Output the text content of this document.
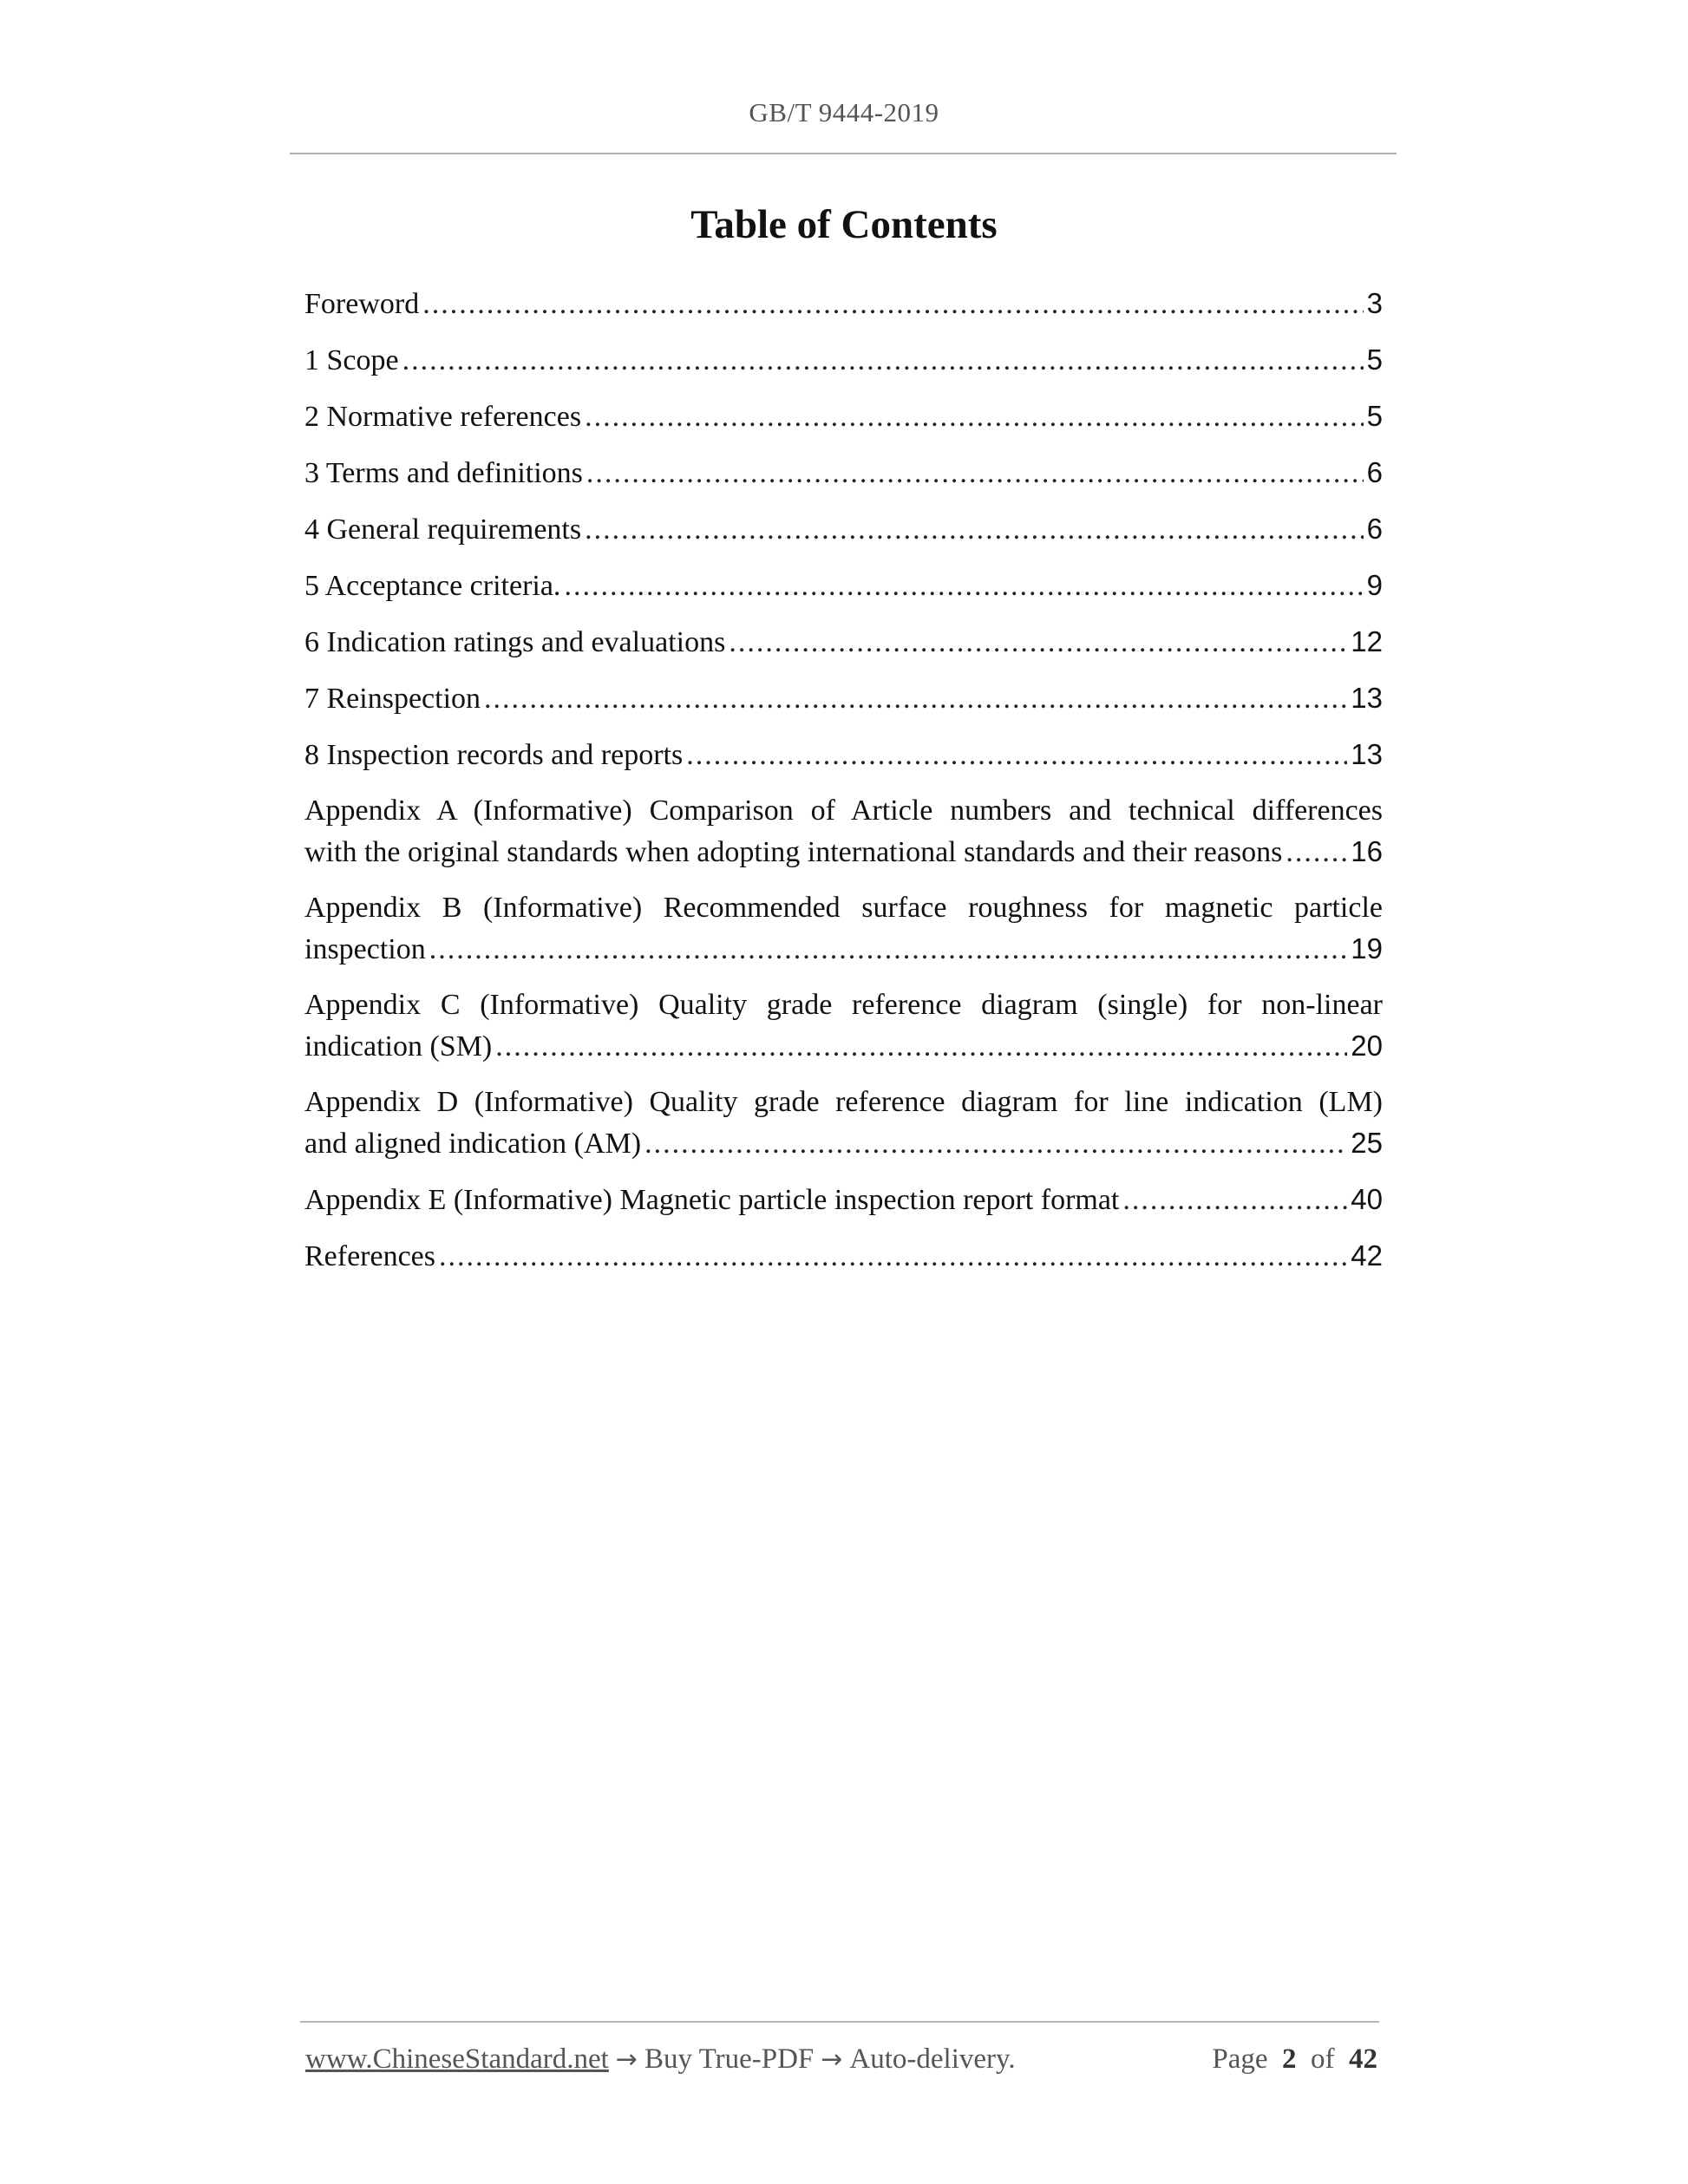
GB/T 9444-2019
Table of Contents
Foreword .....	3
1 Scope .....	5
2 Normative references .....	5
3 Terms and definitions .....	6
4 General requirements .....	6
5 Acceptance criteria. .....	9
6 Indication ratings and evaluations .....	12
7 Reinspection .....	13
8 Inspection records and reports .....	13
Appendix A (Informative) Comparison of Article numbers and technical differences
with the original standards when adopting international standards and their reasons ..... 16
Appendix B (Informative) Recommended surface roughness for magnetic particle
inspection .....	19
Appendix C (Informative) Quality grade reference diagram (single) for non-linear
indication (SM) .....	20
Appendix D (Informative) Quality grade reference diagram for line indication (LM)
and aligned indication (AM) .....	25
Appendix E (Informative) Magnetic particle inspection report format .....	40
References .....	42
www.ChineseStandard.net → Buy True-PDF → Auto-delivery.	Page 2 of 42
